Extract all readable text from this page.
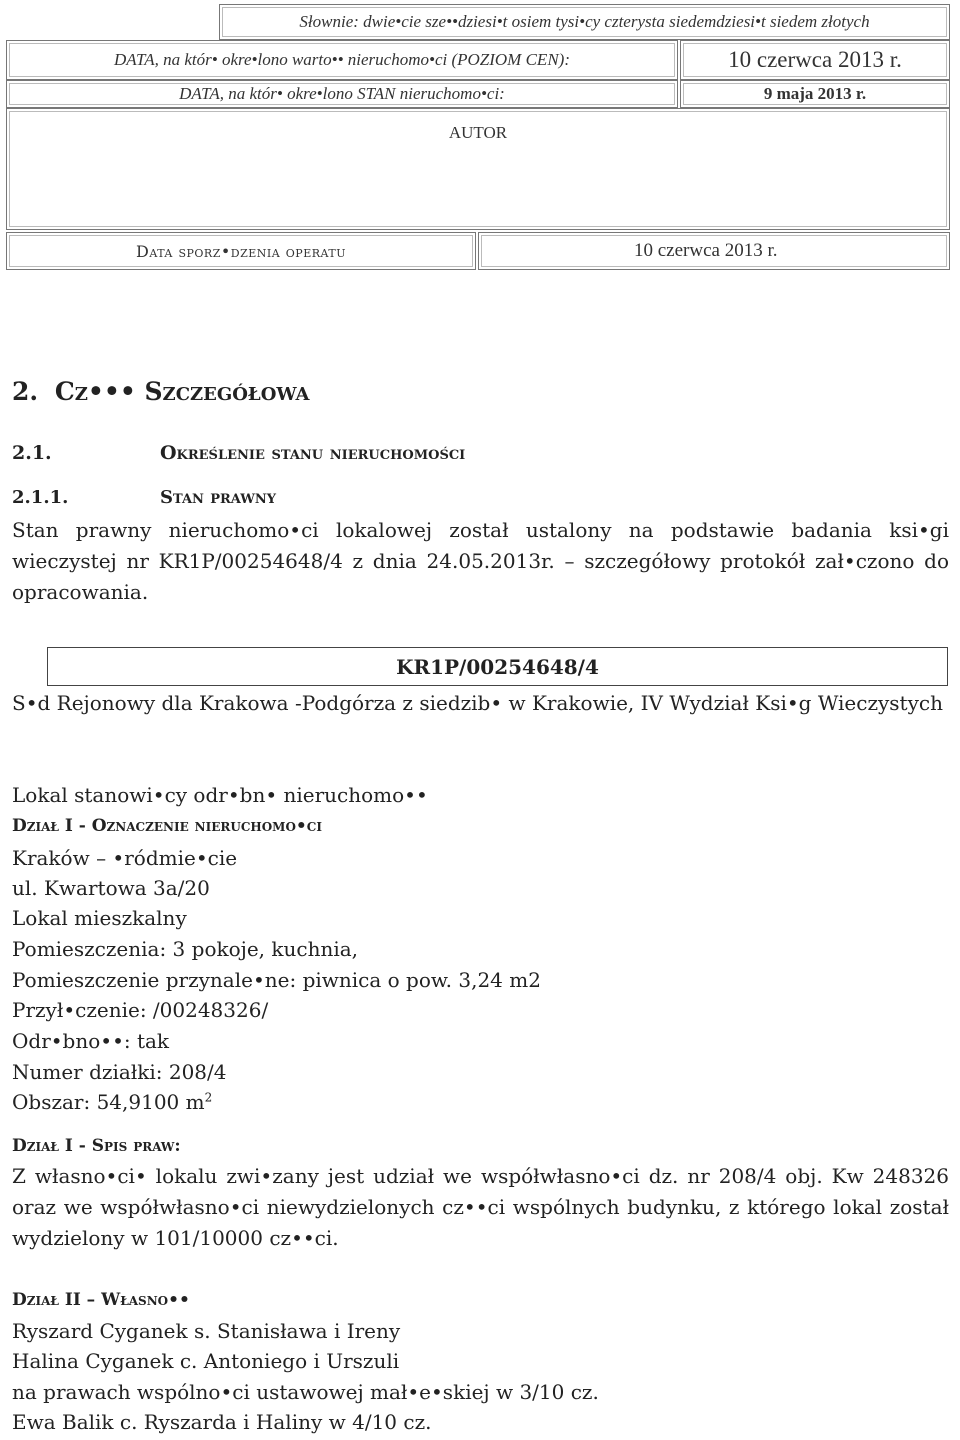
Słownie: dwie•cie sze••dziesi•t osiem tysi•cy czterysta siedemdziesi•t siedem złotych
DATA, na któr• okre•lono warto•• nieruchomo•ci (POZIOM CEN):	10 czerwca 2013 r.
DATA, na któr• okre•lono STAN nieruchomo•ci:	9 maja 2013 r.
AUTOR
Data sporz•dzenia operatu	10 czerwca 2013 r.
2. Cz••• Szczegółowa
2.1.	Określenie stanu nieruchomości
2.1.1.	Stan prawny
Stan prawny nieruchomo•ci lokalowej został ustalony na podstawie badania ksi•gi wieczystej nr KR1P/00254648/4 z dnia 24.05.2013r. – szczegółowy protokół zał•czono do opracowania.
KR1P/00254648/4
S•d Rejonowy dla Krakowa -Podgórza z siedzib• w Krakowie, IV Wydział Ksi•g Wieczystych
Lokal stanowi•cy odr•bn• nieruchomo••
Dział I - Oznaczenie nieruchomo•ci
Kraków – •ródmie•cie
ul. Kwartowa 3a/20
Lokal mieszkalny
Pomieszczenia: 3 pokoje, kuchnia,
Pomieszczenie przynale•ne: piwnica o pow. 3,24 m2
Przył•czenie: /00248326/
Odr•bno••: tak
Numer działki: 208/4
Obszar: 54,9100 $m^2$
Dział I - Spis praw:
Z własno•ci• lokalu zwi•zany jest udział we współwłasno•ci dz. nr 208/4 obj. Kw 248326 oraz we współwłasno•ci niewydzielonych cz••ci wspólnych budynku, z którego lokal został wydzielony w 101/10000 cz••ci.
Dział II – Własno••
Ryszard Cyganek s. Stanisława i Ireny
Halina Cyganek c. Antoniego i Urszuli
na prawach wspólno•ci ustawowej mał•e•skiej w 3/10 cz.
Ewa Balik c. Ryszarda i Haliny w 4/10 cz.
